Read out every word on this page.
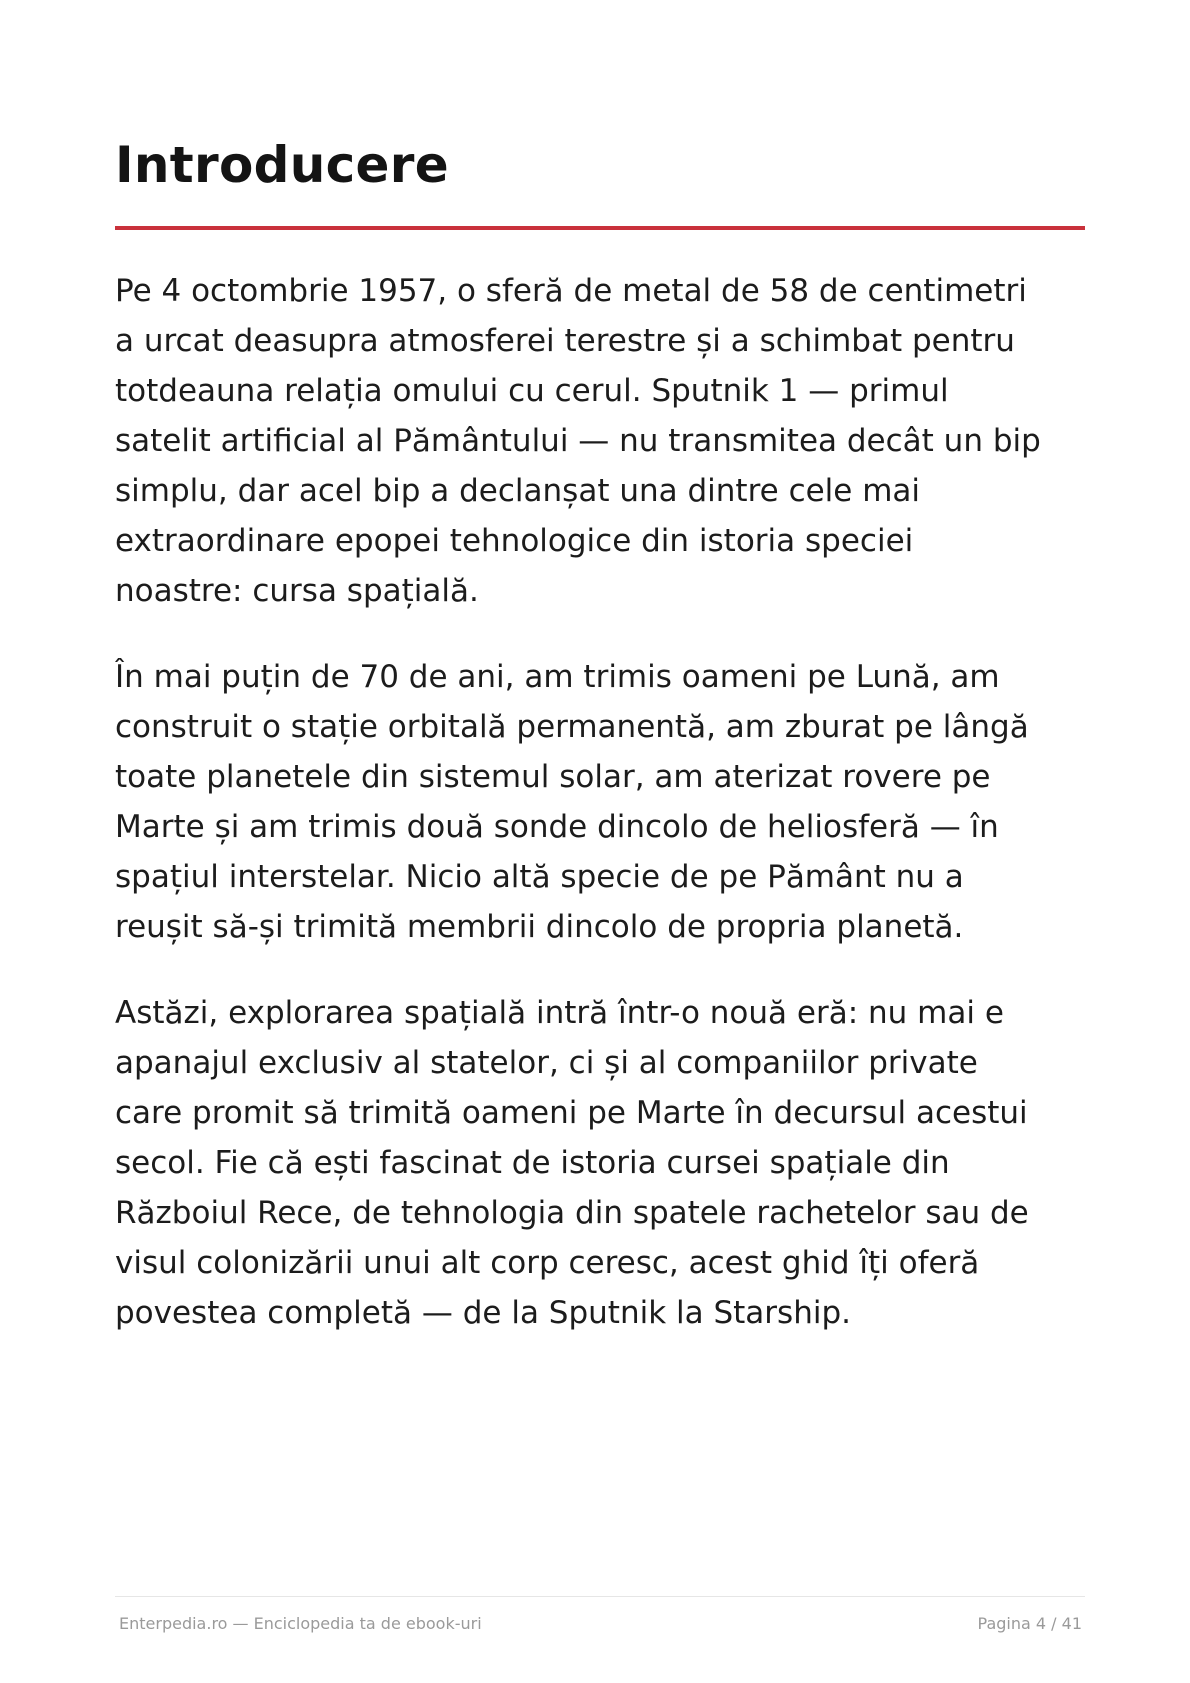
Introducere

Pe 4 octombrie 1957, o sferă de metal de 58 de centimetri
a urcat deasupra atmosferei terestre și a schimbat pentru
totdeauna relația omului cu cerul. Sputnik 1 — primul
satelit artificial al Pământului — nu transmitea decât un bip
simplu, dar acel bip a declanșat una dintre cele mai
extraordinare epopei tehnologice din istoria speciei
noastre: cursa spațială.

În mai puțin de 70 de ani, am trimis oameni pe Lună, am
construit o stație orbitală permanentă, am zburat pe lângă
toate planetele din sistemul solar, am aterizat rovere pe
Marte și am trimis două sonde dincolo de heliosferă — în
spațiul interstelar. Nicio altă specie de pe Pământ nu a
reușit să-și trimită membrii dincolo de propria planetă.

Astăzi, explorarea spațială intră într-o nouă eră: nu mai e
apanajul exclusiv al statelor, ci și al companiilor private
care promit să trimită oameni pe Marte în decursul acestui
secol. Fie că ești fascinat de istoria cursei spațiale din
Războiul Rece, de tehnologia din spatele rachetelor sau de
visul colonizării unui alt corp ceresc, acest ghid îți oferă
povestea completă — de la Sputnik la Starship.

Enterpedia.ro — Enciclopedia ta de ebook-uri	Pagina 4 / 41
